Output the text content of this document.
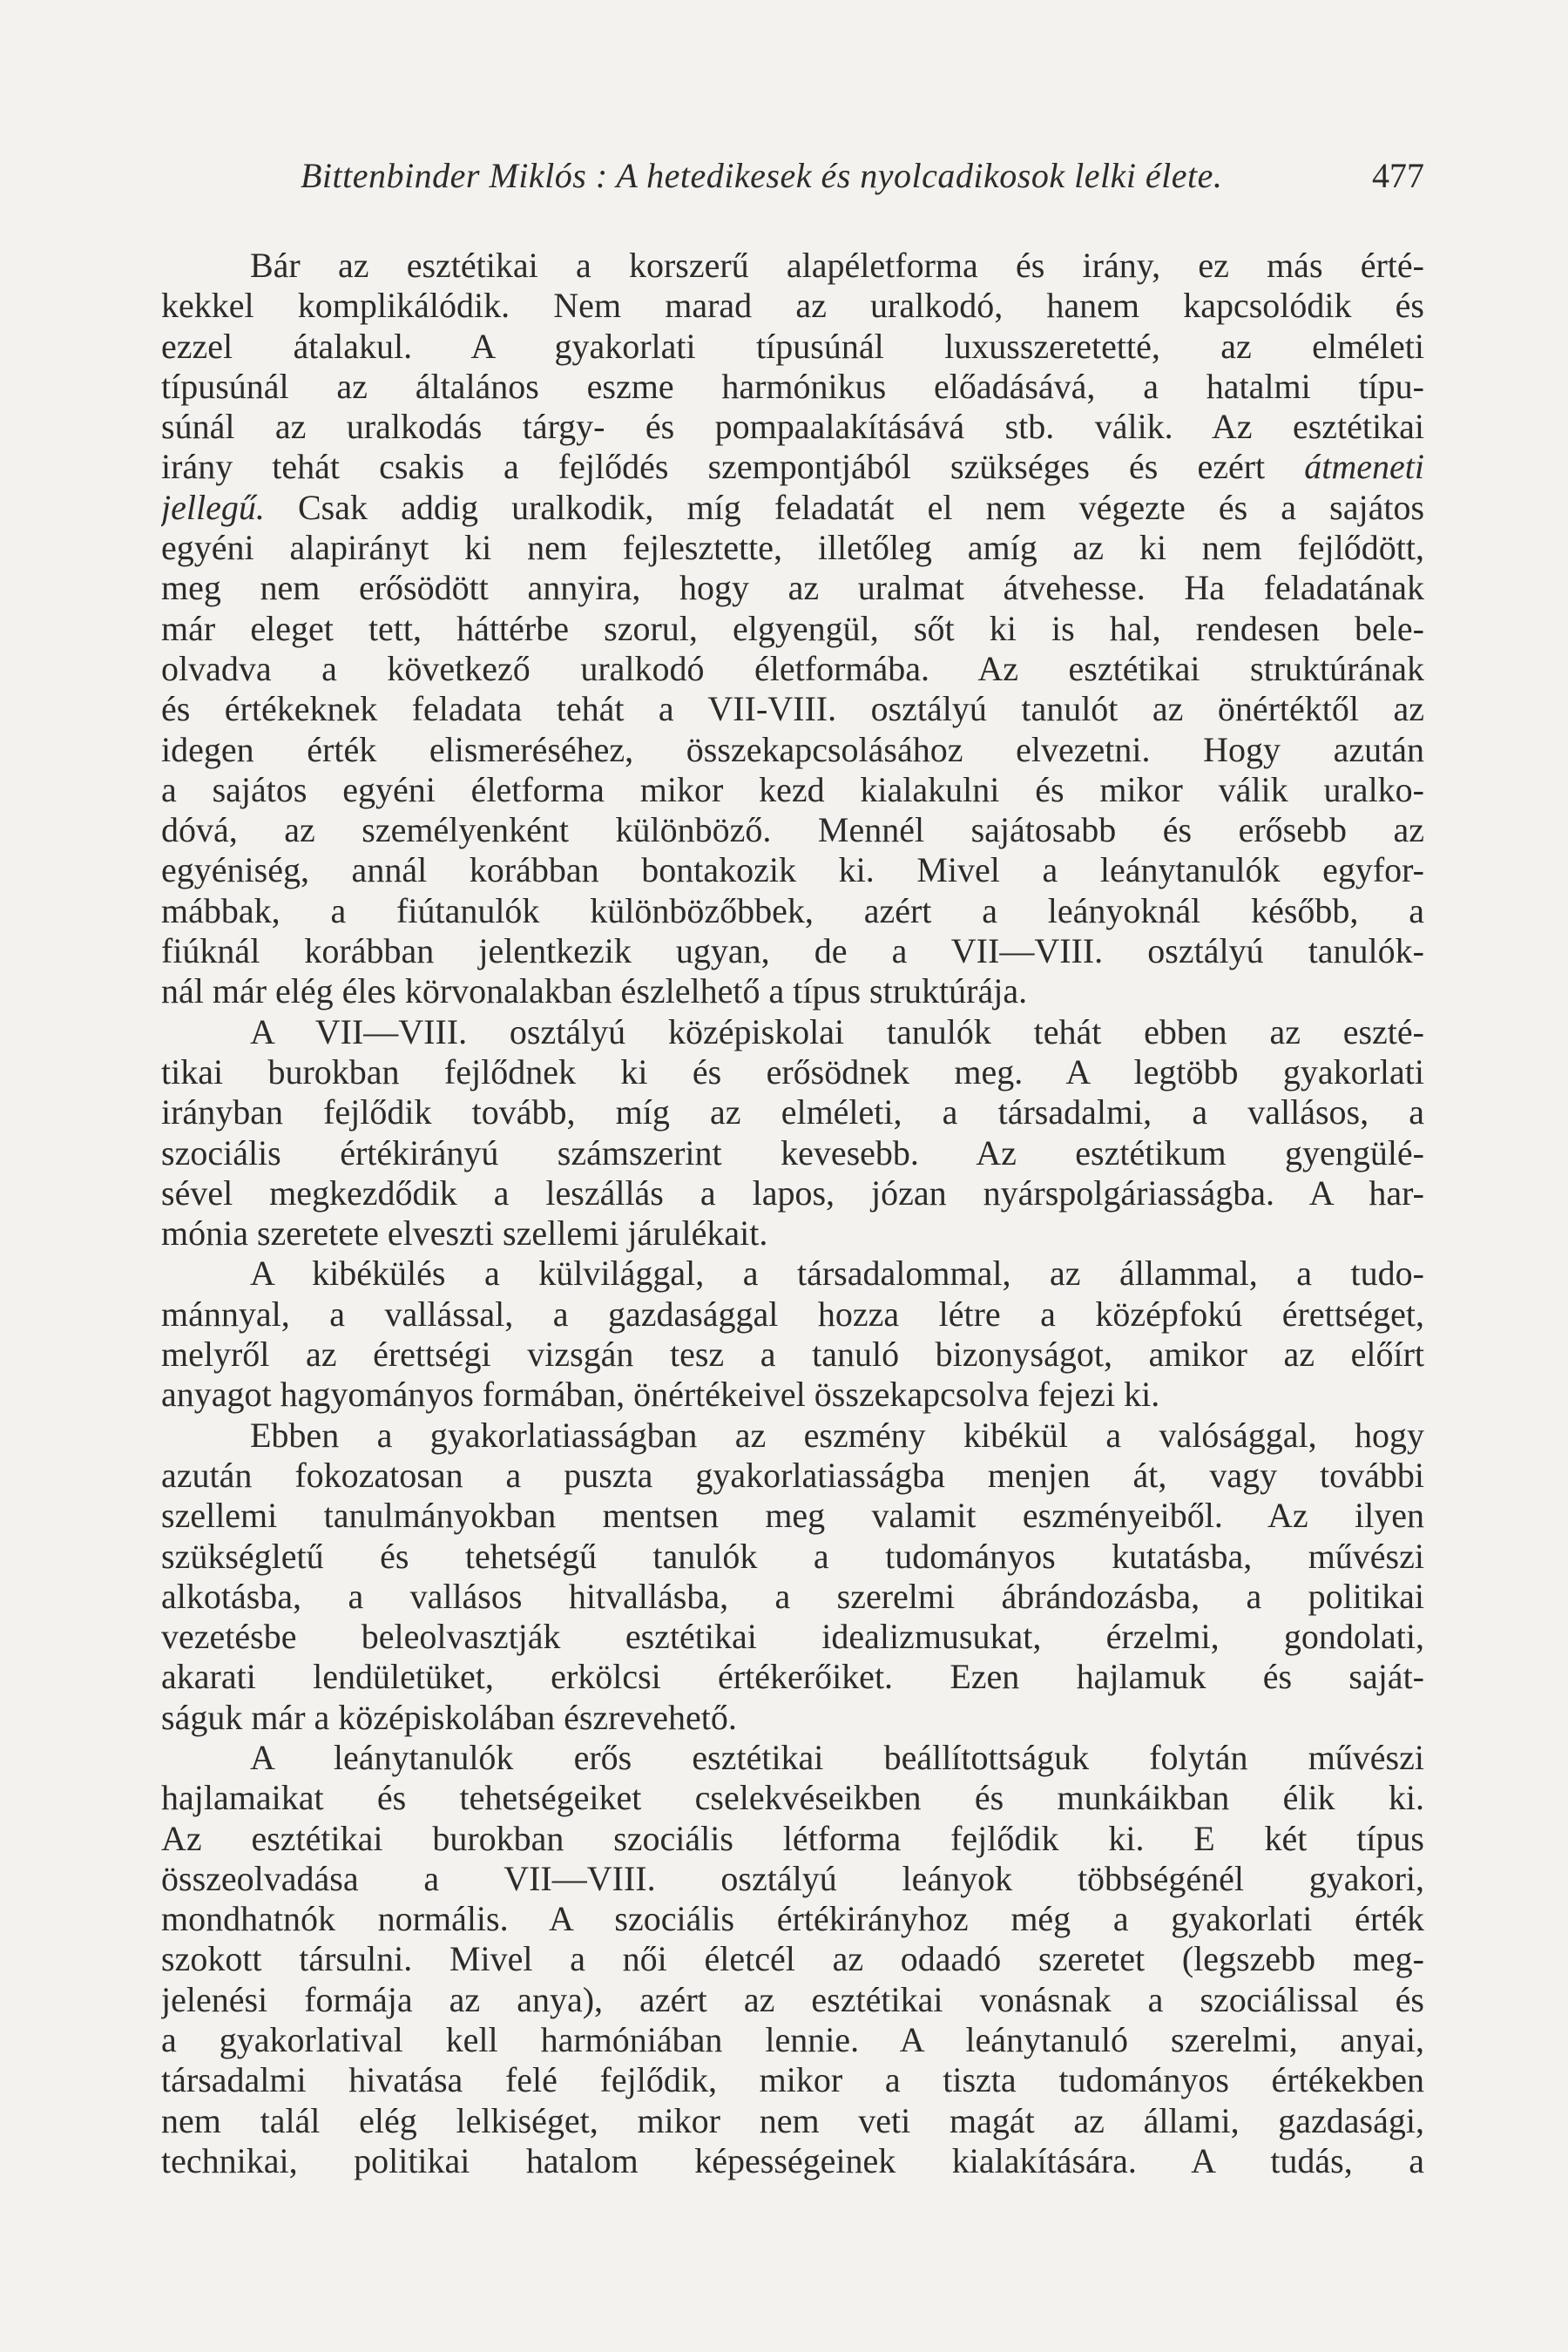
Bittenbinder Miklós : A hetedikesek és nyolcadikosok lelki élete.	477
Bár az esztétikai a korszerű alapéletforma és irány, ez más érté-
kekkel komplikálódik. Nem marad az uralkodó, hanem kapcsolódik és
ezzel átalakul. A gyakorlati típusúnál luxusszeretetté, az elméleti
típusúnál az általános eszme harmónikus előadásává, a hatalmi típu-
súnál az uralkodás tárgy- és pompaalakításává stb. válik. Az esztétikai
irány tehát csakis a fejlődés szempontjából szükséges és ezért átmeneti
jellegű. Csak addig uralkodik, míg feladatát el nem végezte és a sajátos
egyéni alapirányt ki nem fejlesztette, illetőleg amíg az ki nem fejlődött,
meg nem erősödött annyira, hogy az uralmat átvehesse. Ha feladatának
már eleget tett, háttérbe szorul, elgyengül, sőt ki is hal, rendesen bele-
olvadva a következő uralkodó életformába. Az esztétikai struktúrának
és értékeknek feladata tehát a VII-VIII. osztályú tanulót az önértéktől az
idegen érték elismeréséhez, összekapcsolásához elvezetni. Hogy azután
a sajátos egyéni életforma mikor kezd kialakulni és mikor válik uralko-
dóvá, az személyenként különböző. Mennél sajátosabb és erősebb az
egyéniség, annál korábban bontakozik ki. Mivel a leánytanulók egyfor-
mábbak, a fiútanulók különbözőbbek, azért a leányoknál később, a
fiúknál korábban jelentkezik ugyan, de a VII—VIII. osztályú tanulók-
nál már elég éles körvonalakban észlelhető a típus struktúrája.
A VII—VIII. osztályú középiskolai tanulók tehát ebben az eszté-
tikai burokban fejlődnek ki és erősödnek meg. A legtöbb gyakorlati
irányban fejlődik tovább, míg az elméleti, a társadalmi, a vallásos, a
szociális értékirányú számszerint kevesebb. Az esztétikum gyengülé-
sével megkezdődik a leszállás a lapos, józan nyárspolgáriasságba. A har-
mónia szeretete elveszti szellemi járulékait.
A kibékülés a külvilággal, a társadalommal, az állammal, a tudo-
mánnyal, a vallással, a gazdasággal hozza létre a középfokú érettséget,
melyről az érettségi vizsgán tesz a tanuló bizonyságot, amikor az előírt
anyagot hagyományos formában, önértékeivel összekapcsolva fejezi ki.
Ebben a gyakorlatiasságban az eszmény kibékül a valósággal, hogy
azután fokozatosan a puszta gyakorlatiasságba menjen át, vagy további
szellemi tanulmányokban mentsen meg valamit eszményeiből. Az ilyen
szükségletű és tehetségű tanulók a tudományos kutatásba, művészi
alkotásba, a vallásos hitvallásba, a szerelmi ábrándozásba, a politikai
vezetésbe beleolvasztják esztétikai idealizmusukat, érzelmi, gondolati,
akarati lendületüket, erkölcsi értékerőiket. Ezen hajlamuk és saját-
ságuk már a középiskolában észrevehető.
A leánytanulók erős esztétikai beállítottságuk folytán művészi
hajlamaikat és tehetségeiket cselekvéseikben és munkáikban élik ki.
Az esztétikai burokban szociális létforma fejlődik ki. E két típus
összeolvadása a VII—VIII. osztályú leányok többségénél gyakori,
mondhatnók normális. A szociális értékirányhoz még a gyakorlati érték
szokott társulni. Mivel a női életcél az odaadó szeretet (legszebb meg-
jelenési formája az anya), azért az esztétikai vonásnak a szociálissal és
a gyakorlatival kell harmóniában lennie. A leánytanuló szerelmi, anyai,
társadalmi hivatása felé fejlődik, mikor a tiszta tudományos értékekben
nem talál elég lelkiséget, mikor nem veti magát az állami, gazdasági,
technikai, politikai hatalom képességeinek kialakítására. A tudás, a
